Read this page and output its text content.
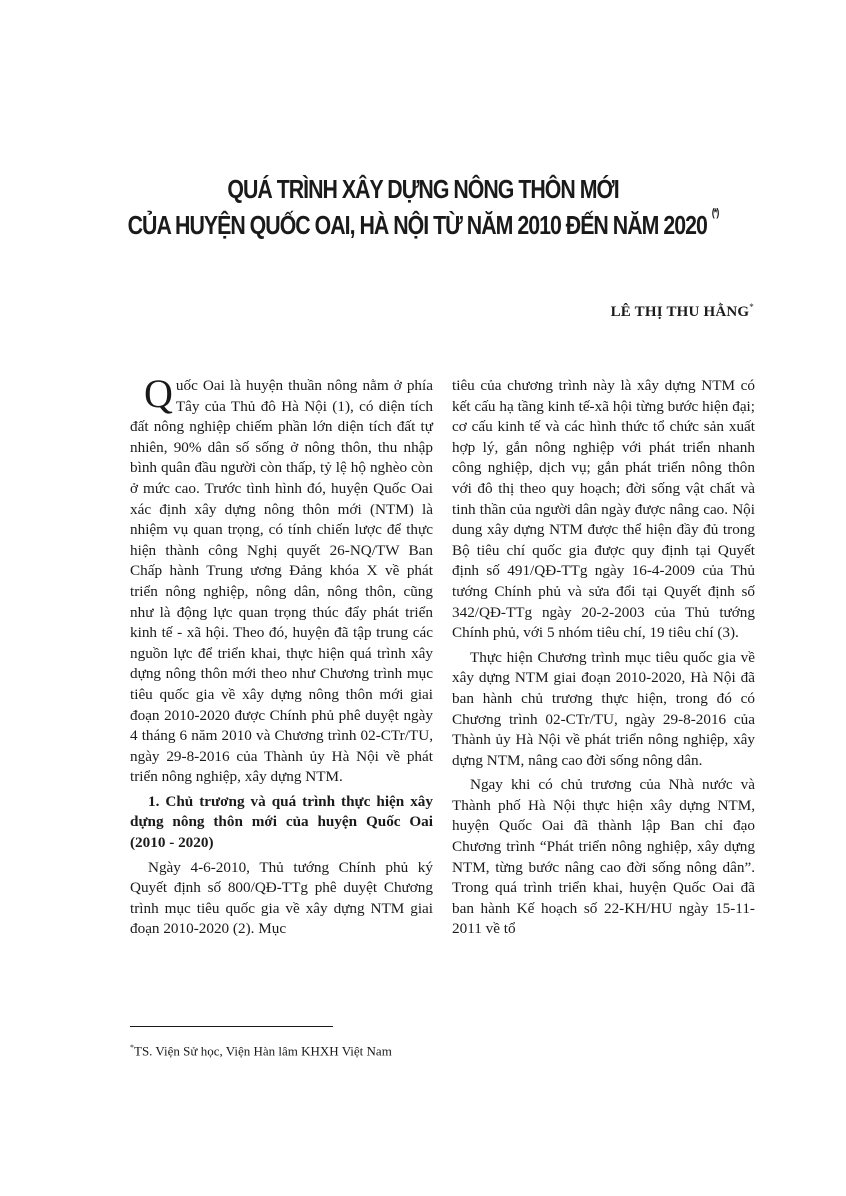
QUÁ TRÌNH XÂY DỰNG NÔNG THÔN MỚI
CỦA HUYỆN QUỐC OAI, HÀ NỘI TỪ NĂM 2010 ĐẾN NĂM 2020 (*)
LÊ THỊ THU HẰNG*

Quốc Oai là huyện thuần nông nằm ở phía Tây của Thủ đô Hà Nội (1), có diện tích đất nông nghiệp chiếm phần lớn diện tích đất tự nhiên, 90% dân số sống ở nông thôn, thu nhập bình quân đầu người còn thấp, tỷ lệ hộ nghèo còn ở mức cao. Trước tình hình đó, huyện Quốc Oai xác định xây dựng nông thôn mới (NTM) là nhiệm vụ quan trọng, có tính chiến lược để thực hiện thành công Nghị quyết 26-NQ/TW Ban Chấp hành Trung ương Đảng khóa X về phát triển nông nghiệp, nông dân, nông thôn, cũng như là động lực quan trọng thúc đẩy phát triển kinh tế - xã hội. Theo đó, huyện đã tập trung các nguồn lực để triển khai, thực hiện quá trình xây dựng nông thôn mới theo như Chương trình mục tiêu quốc gia về xây dựng nông thôn mới giai đoạn 2010-2020 được Chính phủ phê duyệt ngày 4 tháng 6 năm 2010 và Chương trình 02-CTr/TU, ngày 29-8-2016 của Thành ủy Hà Nội về phát triển nông nghiệp, xây dựng NTM.

1. Chủ trương và quá trình thực hiện xây dựng nông thôn mới của huyện Quốc Oai (2010 - 2020)

Ngày 4-6-2010, Thủ tướng Chính phủ ký Quyết định số 800/QĐ-TTg phê duyệt Chương trình mục tiêu quốc gia về xây dựng NTM giai đoạn 2010-2020 (2). Mục

tiêu của chương trình này là xây dựng NTM có kết cấu hạ tầng kinh tế-xã hội từng bước hiện đại; cơ cấu kinh tế và các hình thức tổ chức sản xuất hợp lý, gắn nông nghiệp với phát triển nhanh công nghiệp, dịch vụ; gắn phát triển nông thôn với đô thị theo quy hoạch; đời sống vật chất và tinh thần của người dân ngày được nâng cao. Nội dung xây dựng NTM được thể hiện đầy đủ trong Bộ tiêu chí quốc gia được quy định tại Quyết định số 491/QĐ-TTg ngày 16-4-2009 của Thủ tướng Chính phủ và sửa đổi tại Quyết định số 342/QĐ-TTg ngày 20-2-2003 của Thủ tướng Chính phủ, với 5 nhóm tiêu chí, 19 tiêu chí (3).

Thực hiện Chương trình mục tiêu quốc gia về xây dựng NTM giai đoạn 2010-2020, Hà Nội đã ban hành chủ trương thực hiện, trong đó có Chương trình 02-CTr/TU, ngày 29-8-2016 của Thành ủy Hà Nội về phát triển nông nghiệp, xây dựng NTM, nâng cao đời sống nông dân.

Ngay khi có chủ trương của Nhà nước và Thành phố Hà Nội thực hiện xây dựng NTM, huyện Quốc Oai đã thành lập Ban chỉ đạo Chương trình “Phát triển nông nghiệp, xây dựng NTM, từng bước nâng cao đời sống nông dân”. Trong quá trình triển khai, huyện Quốc Oai đã ban hành Kế hoạch số 22-KH/HU ngày 15-11-2011 về tổ

*TS. Viện Sử học, Viện Hàn lâm KHXH Việt Nam
